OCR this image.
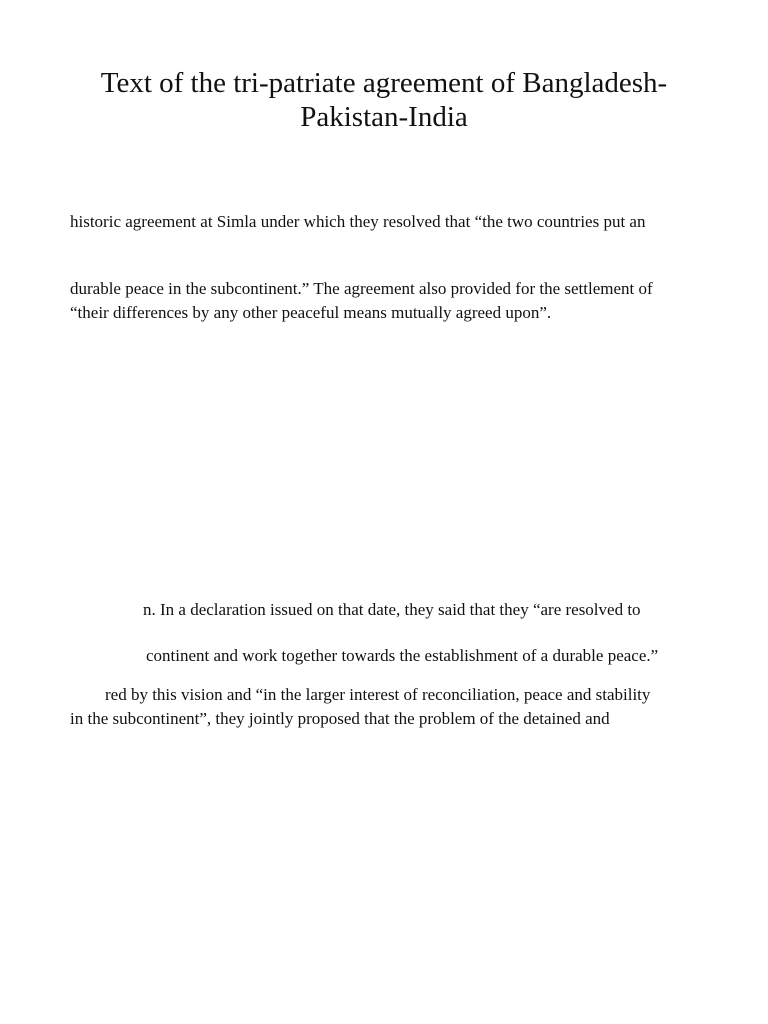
Text of the tri-patriate agreement of Bangladesh-
Pakistan-India

historic agreement at Simla under which they resolved that “the two countries put an

durable peace in the subcontinent.” The agreement also provided for the settlement of

“their differences by any other peaceful means mutually agreed upon”.

n. In a declaration issued on that date, they said that they “are resolved to

continent and work together towards the establishment of a durable peace.”

red by this vision and “in the larger interest of reconciliation, peace and stability

in the subcontinent”, they jointly proposed that the problem of the detained and
